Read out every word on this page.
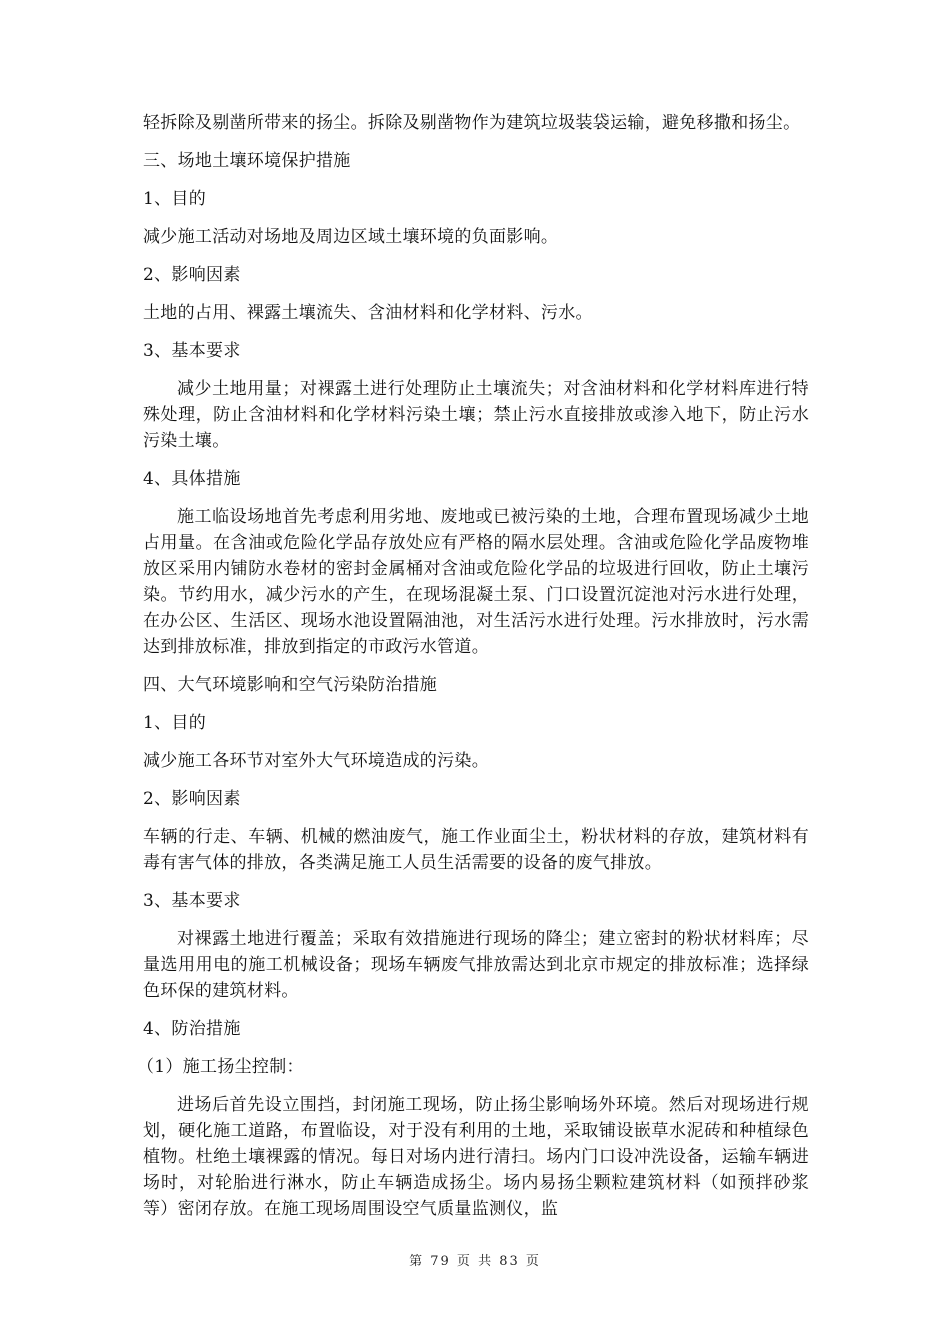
轻拆除及剔凿所带来的扬尘。拆除及剔凿物作为建筑垃圾装袋运输，避免移撒和扬尘。

三、场地土壤环境保护措施

1、目的

减少施工活动对场地及周边区域土壤环境的负面影响。

2、影响因素

土地的占用、裸露土壤流失、含油材料和化学材料、污水。

3、基本要求

减少土地用量；对裸露土进行处理防止土壤流失；对含油材料和化学材料库进行特殊处理，防止含油材料和化学材料污染土壤；禁止污水直接排放或渗入地下，防止污水污染土壤。

4、具体措施

施工临设场地首先考虑利用劣地、废地或已被污染的土地，合理布置现场减少土地占用量。在含油或危险化学品存放处应有严格的隔水层处理。含油或危险化学品废物堆放区采用内铺防水卷材的密封金属桶对含油或危险化学品的垃圾进行回收，防止土壤污染。节约用水，减少污水的产生，在现场混凝土泵、门口设置沉淀池对污水进行处理，在办公区、生活区、现场水池设置隔油池，对生活污水进行处理。污水排放时，污水需达到排放标准，排放到指定的市政污水管道。

四、大气环境影响和空气污染防治措施

1、目的

减少施工各环节对室外大气环境造成的污染。

2、影响因素

车辆的行走、车辆、机械的燃油废气，施工作业面尘土，粉状材料的存放，建筑材料有毒有害气体的排放，各类满足施工人员生活需要的设备的废气排放。

3、基本要求

对裸露土地进行覆盖；采取有效措施进行现场的降尘；建立密封的粉状材料库；尽量选用用电的施工机械设备；现场车辆废气排放需达到北京市规定的排放标准；选择绿色环保的建筑材料。

4、防治措施

（1）施工扬尘控制：

进场后首先设立围挡，封闭施工现场，防止扬尘影响场外环境。然后对现场进行规划，硬化施工道路，布置临设，对于没有利用的土地，采取铺设嵌草水泥砖和种植绿色植物。杜绝土壤裸露的情况。每日对场内进行清扫。场内门口设冲洗设备，运输车辆进场时，对轮胎进行淋水，防止车辆造成扬尘。场内易扬尘颗粒建筑材料（如预拌砂浆等）密闭存放。在施工现场周围设空气质量监测仪，监

第 79 页 共 83 页
